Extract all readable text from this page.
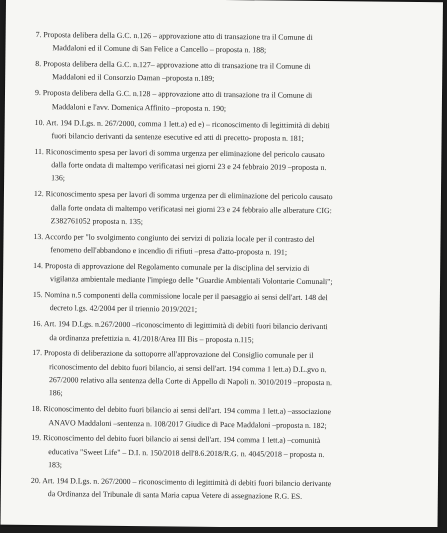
7. Proposta delibera della G.C. n.126 – approvazione atto di transazione tra il Comune di
Maddaloni ed il Comune di San Felice a Cancello – proposta n. 188;
8. Proposta delibera della G.C. n.127– approvazione atto di transazione tra il Comune di
Maddaloni ed il Consorzio Daman –proposta n.189;
9. Proposta delibera della G.C. n.128 – approvazione atto di transazione tra il Comune di
Maddaloni e l'avv. Domenica Affinito –proposta n. 190;
10. Art. 194 D.Lgs. n. 267/2000, comma 1 lett.a) ed e) – riconoscimento di legittimità di debiti
fuori bilancio derivanti da sentenze esecutive ed atti di precetto- proposta n. 181;
11. Riconoscimento spesa per lavori di somma urgenza per eliminazione del pericolo causato
dalla forte ondata di maltempo verificatasi nei giorni 23 e 24 febbraio 2019 –proposta n.
136;
12. Riconoscimento spesa per lavori di somma urgenza per di eliminazione del pericolo causato
dalla forte ondata di maltempo verificatasi nei giorni 23 e 24 febbraio alle alberature CIG:
Z382761052 proposta n. 135;
13. Accordo per "lo svolgimento congiunto dei servizi di polizia locale per il contrasto del
fenomeno dell'abbandono e incendio di rifiuti –presa d'atto-proposta n. 191;
14. Proposta di approvazione del Regolamento comunale per la disciplina del servizio di
vigilanza ambientale mediante l'impiego delle "Guardie Ambientali Volontarie Comunali";
15. Nomina n.5 componenti della commissione locale per il paesaggio ai sensi dell'art. 148 del
decreto l.gs. 42/2004 per il triennio 2019/2021;
16. Art. 194 D.Lgs. n.267/2000 –riconoscimento di legittimità di debiti fuori bilancio derivanti
da ordinanza prefettizia n. 41/2018/Area III Bis – proposta n.115;
17. Proposta di deliberazione da sottoporre all'approvazione del Consiglio comunale per il
riconoscimento del debito fuori bilancio, ai sensi dell'art. 194 comma 1 lett.a) D.L.gvo n.
267/2000 relativo alla sentenza della Corte di Appello di Napoli n. 3010/2019 –proposta n.
186;
18. Riconoscimento del debito fuori bilancio ai sensi dell'art. 194 comma 1 lett.a) –associazione
ANAVO Maddaloni –sentenza n. 108/2017 Giudice di Pace Maddaloni –proposta n. 182;
19. Riconoscimento del debito fuori bilancio ai sensi dell'art. 194 comma 1 lett.a) –comunità
educativa "Sweet Life" – D.I. n. 150/2018 dell'8.6.2018/R.G. n. 4045/2018 – proposta n.
183;
20. Art. 194 D.Lgs. n. 267/2000 – riconoscimento di legittimità di debiti fuori bilancio derivante
da Ordinanza del Tribunale di santa Maria capua Vetere di assegnazione R.G. ES.
